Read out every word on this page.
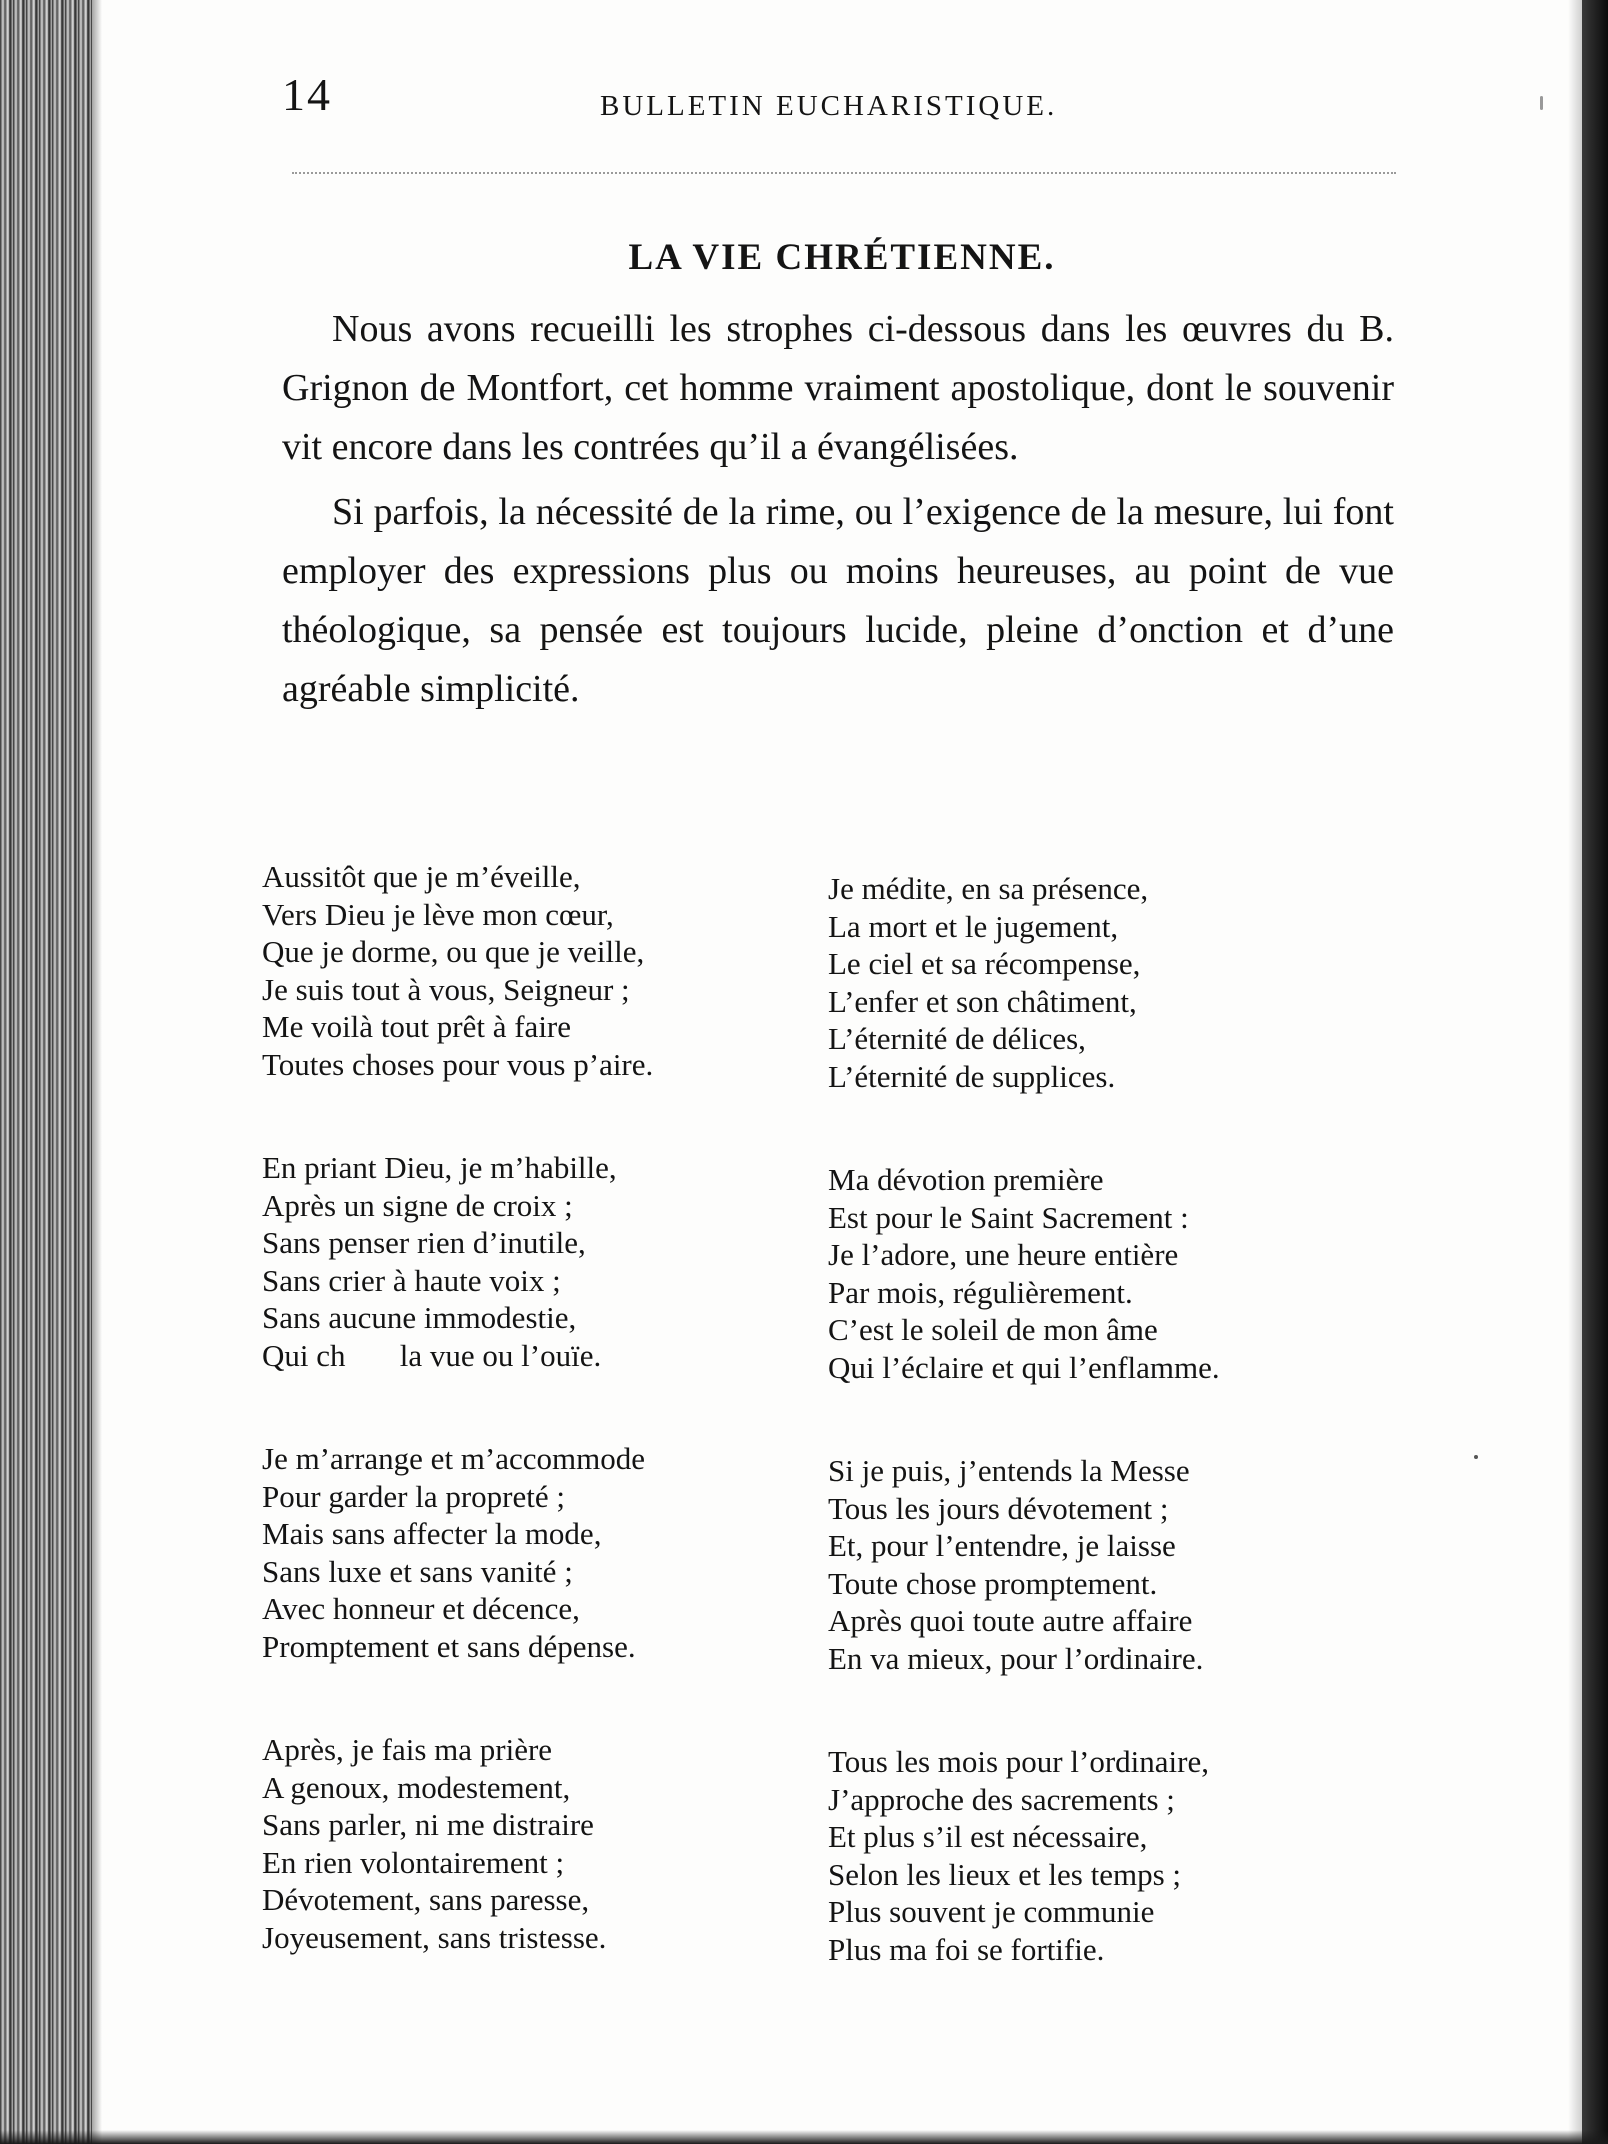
14	BULLETIN EUCHARISTIQUE.
LA VIE CHRÉTIENNE.

Nous avons recueilli les strophes ci-dessous dans les œuvres du B. Grignon de Montfort, cet homme vraiment apostolique, dont le souvenir vit encore dans les contrées qu’il a évangélisées.

Si parfois, la nécessité de la rime, ou l’exigence de la mesure, lui font employer des expressions plus ou moins heureuses, au point de vue théologique, sa pensée est toujours lucide, pleine d’onction et d’une agréable simplicité.

Aussitôt que je m’éveille,
Vers Dieu je lève mon cœur,
Que je dorme, ou que je veille,
Je suis tout à vous, Seigneur ;
Me voilà tout prêt à faire
Toutes choses pour vous p’aire.
En priant Dieu, je m’habille,
Après un signe de croix ;
Sans penser rien d’inutile,
Sans crier à haute voix ;
Sans aucune immodestie,
Qui ch       la vue ou l’ouïe.
Je m’arrange et m’accommode
Pour garder la propreté ;
Mais sans affecter la mode,
Sans luxe et sans vanité ;
Avec honneur et décence,
Promptement et sans dépense.
Après, je fais ma prière
A genoux, modestement,
Sans parler, ni me distraire
En rien volontairement ;
Dévotement, sans paresse,
Joyeusement, sans tristesse.
Je médite, en sa présence,
La mort et le jugement,
Le ciel et sa récompense,
L’enfer et son châtiment,
L’éternité de délices,
L’éternité de supplices.
Ma dévotion première
Est pour le Saint Sacrement :
Je l’adore, une heure entière
Par mois, régulièrement.
C’est le soleil de mon âme
Qui l’éclaire et qui l’enflamme.
Si je puis, j’entends la Messe
Tous les jours dévotement ;
Et, pour l’entendre, je laisse
Toute chose promptement.
Après quoi toute autre affaire
En va mieux, pour l’ordinaire.
Tous les mois pour l’ordinaire,
J’approche des sacrements ;
Et plus s’il est nécessaire,
Selon les lieux et les temps ;
Plus souvent je communie
Plus ma foi se fortifie.
